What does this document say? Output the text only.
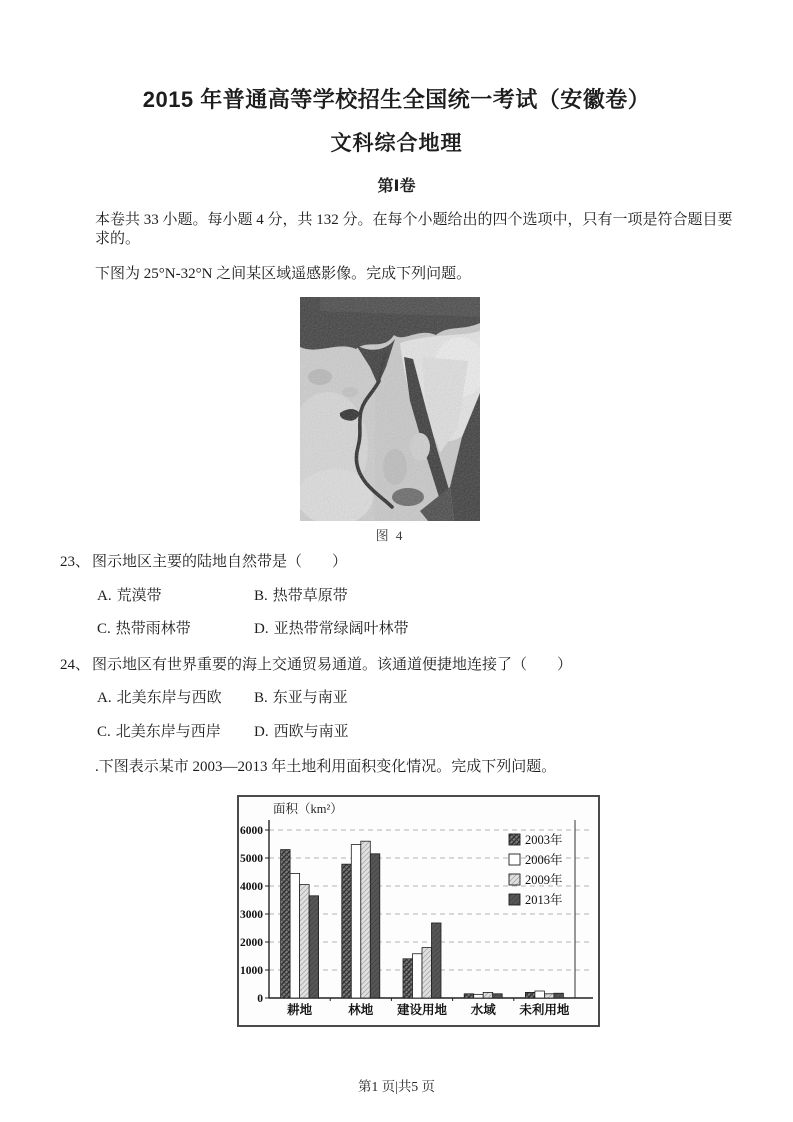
2015 年普通高等学校招生全国统一考试（安徽卷）
文科综合地理
第Ⅰ卷

本卷共 33 小题。每小题 4 分，共 132 分。在每个小题给出的四个选项中，只有一项是符合题目要求的。

下图为 25°N-32°N 之间某区域遥感影像。完成下列问题。

图 4

23、 图示地区主要的陆地自然带是（　　）

A. 荒漠带	B. 热带草原带
C. 热带雨林带	D. 亚热带常绿阔叶林带

24、 图示地区有世界重要的海上交通贸易通道。该通道便捷地连接了（　　）

A. 北美东岸与西欧	B. 东亚与南亚
C. 北美东岸与西岸	D. 西欧与南亚

.下图表示某市 2003—2013 年土地利用面积变化情况。完成下列问题。

0
1000
2000
3000
4000
5000
6000
面积（km²）
耕地	林地 建设用地 水域 未利用地
2003年
2006年
2009年
2013年
第1 页|共5 页
